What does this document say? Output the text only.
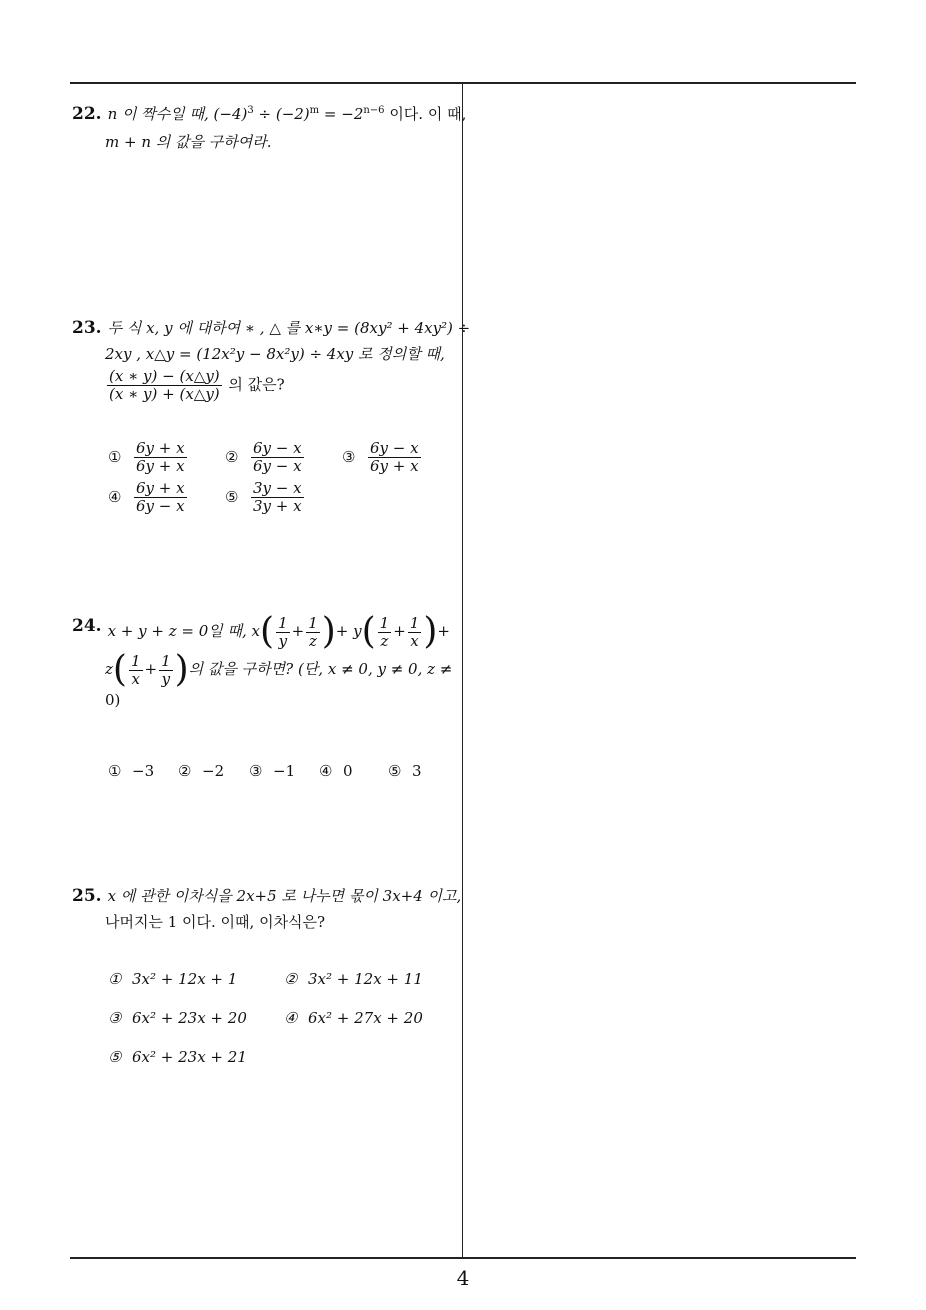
22. n 이 짝수일 때, $(-4)^3 \div (-2)^m = -2^{n-6}$ 이다. 이 때,
m + n 의 값을 구하여라.
23. 두 식 x, y 에 대하여 ∗ , △ 를 x∗y = (8xy² + 4xy²) ÷
2xy , x△y = (12x²y − 8x²y) ÷ 4xy 로 정의할 때,
$\frac{(x ∗ y) - (x\triangle y)}{(x ∗ y) + (x\triangle y)}$ 의 값은?
① $\frac{6y + x}{6y + x}$	② $\frac{6y - x}{6y - x}$	③ $\frac{6y - x}{6y + x}$
④ $\frac{6y + x}{6y - x}$	⑤ $\frac{3y - x}{3y + x}$
24. x + y + z = 0일 때, $x( \frac{1}{y} + \frac{1}{z}$ )+ $y( \frac{1}{z} + \frac{1}{x}$ )+
$z( \frac{1}{x} + \frac{1}{y}$ )의 값을 구하면? (단, x ≠ 0, y ≠ 0, z ≠
0)
① −3 ② −2 ③ −1 ④ 0 ⑤ 3
25. x 에 관한 이차식을 2x+5 로 나누면 몫이 3x+4 이고,
나머지는 1 이다. 이때, 이차식은?
① 3x² + 12x + 1	② 3x² + 12x + 11
③ 6x² + 23x + 20 ④ 6x² + 27x + 20
⑤ 6x² + 23x + 21
4
